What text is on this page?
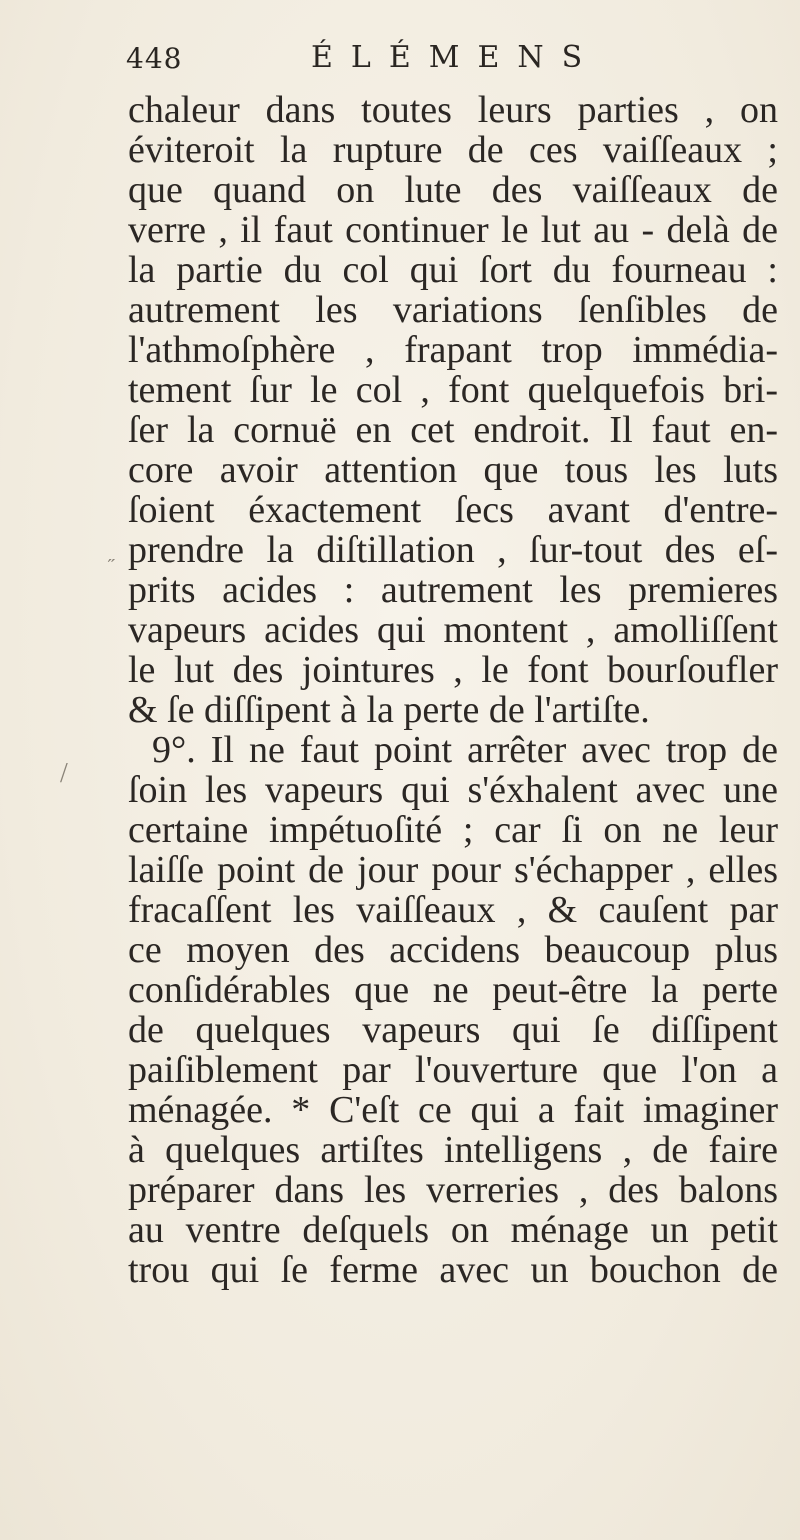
448	ÉLÉMENS
˝
/
chaleur dans toutes leurs parties , on
éviteroit la rupture de ces vaiſſeaux ;
que quand on lute des vaiſſeaux de
verre , il faut continuer le lut au - delà de
la partie du col qui ſort du fourneau :
autrement les variations ſenſibles de
l'athmoſphère , frapant trop immédia-
tement ſur le col , font quelquefois bri-
ſer la cornuë en cet endroit. Il faut en-
core avoir attention que tous les luts
ſoient éxactement ſecs avant d'entre-
prendre la diſtillation , ſur-tout des eſ-
prits acides : autrement les premieres
vapeurs acides qui montent , amolliſſent
le lut des jointures , le font bourſoufler
& ſe diſſipent à la perte de l'artiſte.
9°. Il ne faut point arrêter avec trop de
ſoin les vapeurs qui s'éxhalent avec une
certaine impétuoſité ; car ſi on ne leur
laiſſe point de jour pour s'échapper , elles
fracaſſent les vaiſſeaux , & cauſent par
ce moyen des accidens beaucoup plus
conſidérables que ne peut-être la perte
de quelques vapeurs qui ſe diſſipent
paiſiblement par l'ouverture que l'on a
ménagée. * C'eſt ce qui a fait imaginer
à quelques artiſtes intelligens , de faire
préparer dans les verreries , des balons
au ventre deſquels on ménage un petit
trou qui ſe ferme avec un bouchon de
